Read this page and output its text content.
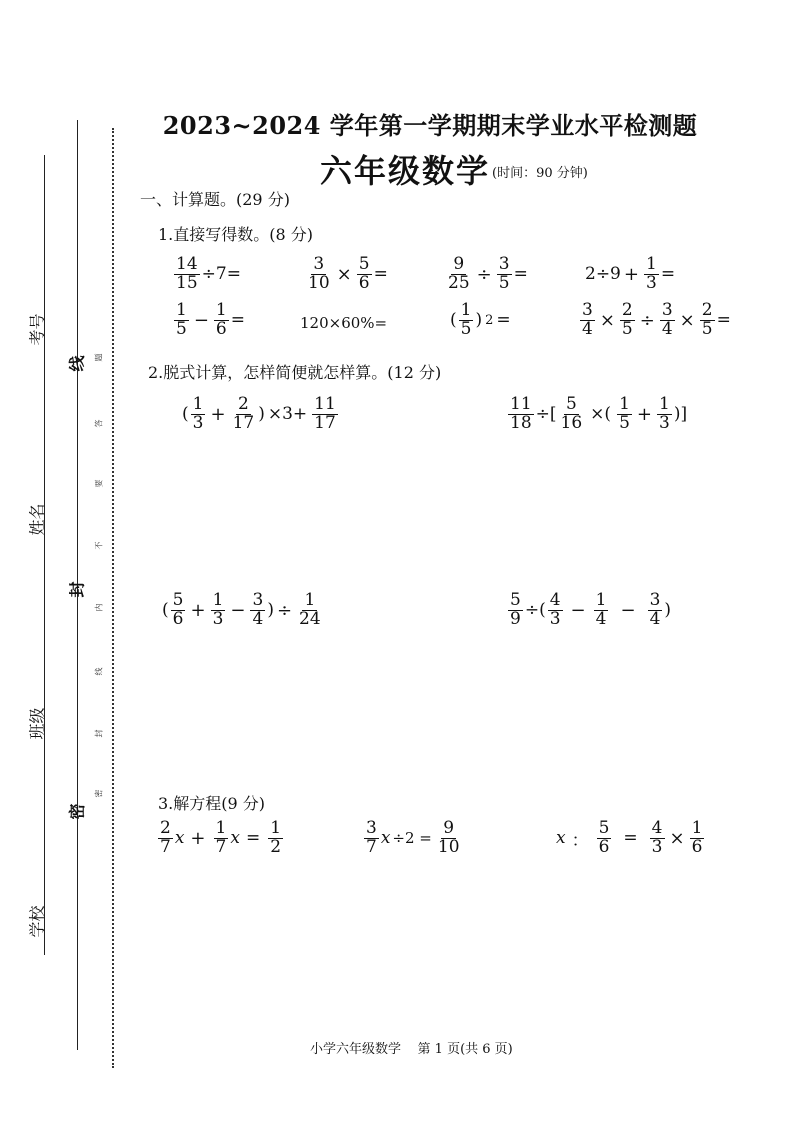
考号
姓名
班级
学校
线
封
密
题
答
要
不
内
线
封
密
2023~2024 学年第一学期期末学业水平检测题
六年级数学 (时间：90 分钟)
一、计算题。(29 分)
1.直接写得数。(8 分)
$\frac{14}{15} \div 7=$	$\frac{3}{10} \times \frac{5}{6}$ =	$\frac{9}{25} \div \frac{3}{5}$ =	$2\div 9 + \frac{1}{3}$ =
$\frac{1}{5} - \frac{1}{6}$ =	120×60%=	( $\frac{1}{5}$ ) 2 =	$\frac{3}{4} \times \frac{2}{5} \div \frac{3}{4} \times \frac{2}{5}$ =
2.脱式计算，怎样简便就怎样算。(12 分)
( $\frac{1}{3} + \frac{2}{17}$ ) $\times 3+ \frac{11}{17}$	$\frac{11}{18}$ ÷[ $\frac{5}{16}$ ×( $\frac{1}{5} + \frac{1}{3}$ )]
( $\frac{5}{6} + \frac{1}{3} - \frac{3}{4}$ ) ÷ $\frac{1}{24}$	$\frac{5}{9}$ ÷( $\frac{4}{3} - \frac{1}{4} - \frac{3}{4}$ )
3.解方程(9 分)
$\frac{2}{7}$ $x + \frac{1}{7}$ $x = \frac{1}{2}$	$\frac{3}{7}$ $x \div 2 = \frac{9}{10}$	x ： $\frac{5}{6} = \frac{4}{3} \times \frac{1}{6}$
小学六年级数学    第 1 页(共 6 页)
